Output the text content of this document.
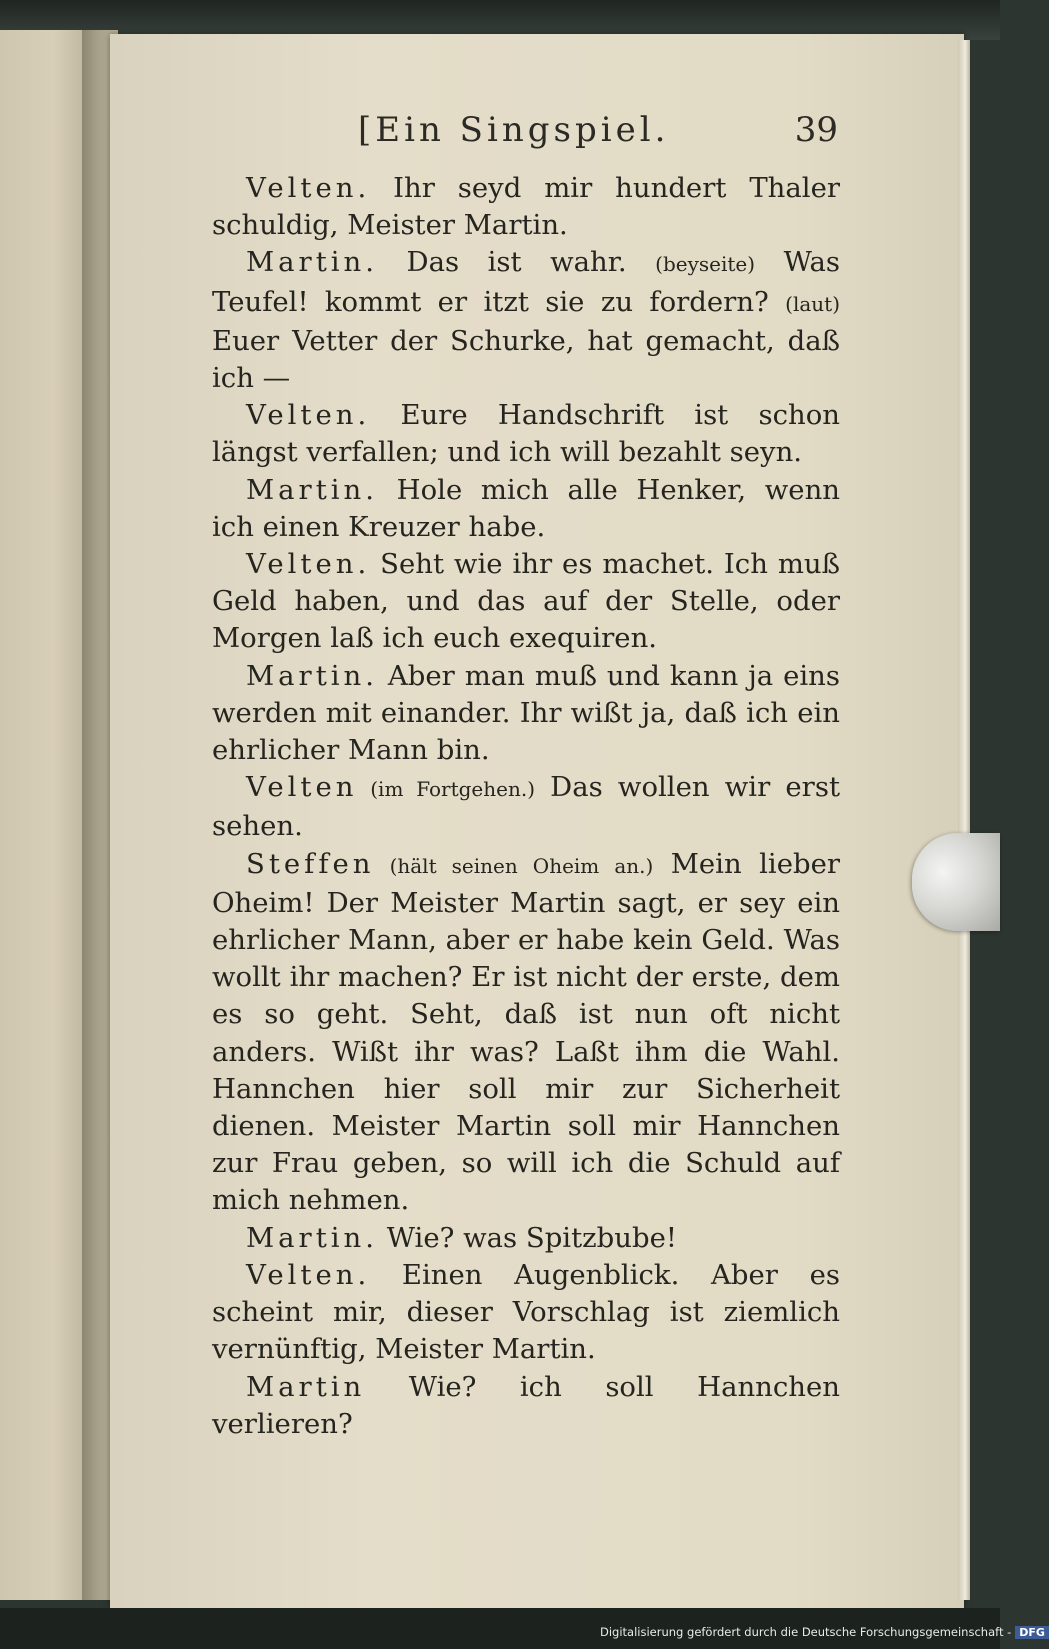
[Ein Singspiel.	39

Velten. Ihr seyd mir hundert Thaler schuldig, Meister Martin.

Martin. Das ist wahr. (beyseite) Was Teufel! kommt er itzt sie zu fordern? (laut) Euer Vetter der Schurke, hat gemacht, daß ich —

Velten. Eure Handschrift ist schon längst verfallen; und ich will bezahlt seyn.

Martin. Hole mich alle Henker, wenn ich einen Kreuzer habe.

Velten. Seht wie ihr es machet. Ich muß Geld haben, und das auf der Stelle, oder Morgen laß ich euch exequiren.

Martin. Aber man muß und kann ja eins werden mit einander. Ihr wißt ja, daß ich ein ehrlicher Mann bin.

Velten (im Fortgehen.) Das wollen wir erst sehen.

Steffen (hält seinen Oheim an.) Mein lieber Oheim! Der Meister Martin sagt, er sey ein ehrlicher Mann, aber er habe kein Geld. Was wollt ihr machen? Er ist nicht der erste, dem es so geht. Seht, daß ist nun oft nicht anders. Wißt ihr was? Laßt ihm die Wahl. Hannchen hier soll mir zur Sicherheit dienen. Meister Martin soll mir Hannchen zur Frau geben, so will ich die Schuld auf mich nehmen.

Martin. Wie? was Spitzbube!

Velten. Einen Augenblick. Aber es scheint mir, dieser Vorschlag ist ziemlich vernünftig, Meister Martin.

Martin Wie? ich soll Hannchen verlieren?

Digitalisierung gefördert durch die Deutsche Forschungsgemeinschaft - DFG
